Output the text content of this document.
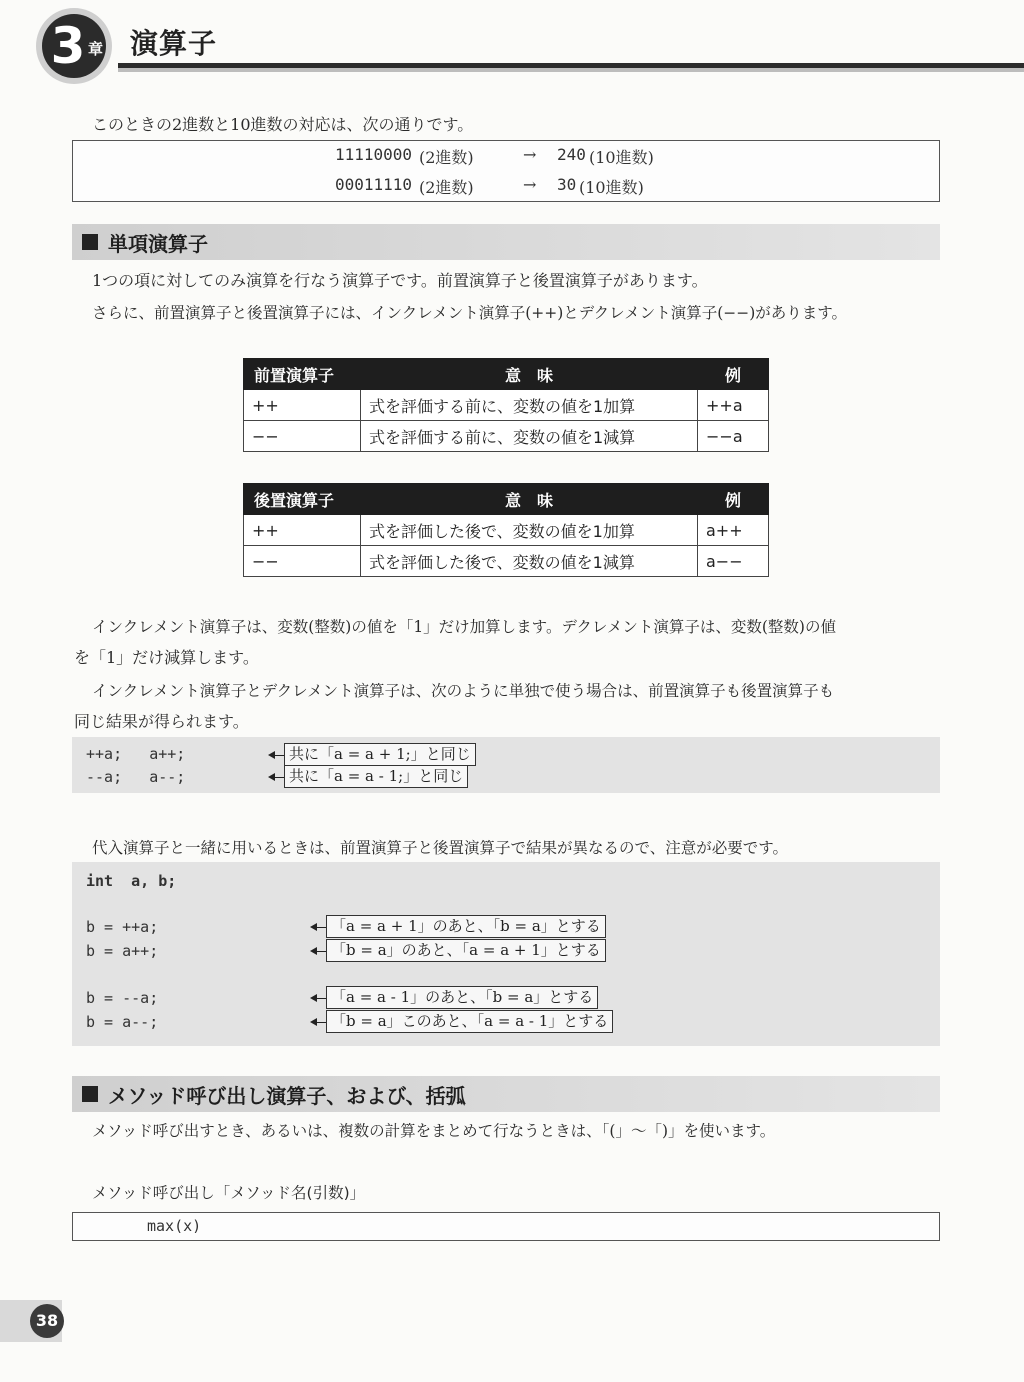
3 章 演算子
このときの2進数と10進数の対応は、次の通りです。
11110000 (2進数)	→ 240 (10進数)
00011110 (2進数)	→ 30 (10進数)
単項演算子
1つの項に対してのみ演算を行なう演算子です。前置演算子と後置演算子があります。
さらに、前置演算子と後置演算子には、インクレメント演算子(++)とデクレメント演算子(−−)があります。
前置演算子	意　味	例
++	式を評価する前に、変数の値を1加算	++a
−−	式を評価する前に、変数の値を1減算	−−a
後置演算子	意　味	例
++	式を評価した後で、変数の値を1加算	a++
−−	式を評価した後で、変数の値を1減算	a−−
インクレメント演算子は、変数(整数)の値を「1」だけ加算します。デクレメント演算子は、変数(整数)の値
を「1」だけ減算します。
インクレメント演算子とデクレメント演算子は、次のように単独で使う場合は、前置演算子も後置演算子も
同じ結果が得られます。
++a;   a++;	共に「a = a + 1;」と同じ
--a;   a--;	共に「a = a - 1;」と同じ
代入演算子と一緒に用いるときは、前置演算子と後置演算子で結果が異なるので、注意が必要です。
int  a, b;
b = ++a;	「a = a + 1」のあと、「b = a」とする
b = a++;	「b = a」のあと、「a = a + 1」とする
b = --a;	「a = a - 1」のあと、「b = a」とする
b = a--;	「b = a」このあと、「a = a - 1」とする
メソッド呼び出し演算子、および、括弧
メソッド呼び出すとき、あるいは、複数の計算をまとめて行なうときは、「(」〜「)」を使います。
メソッド呼び出し「メソッド名(引数)」
max(x)
38
